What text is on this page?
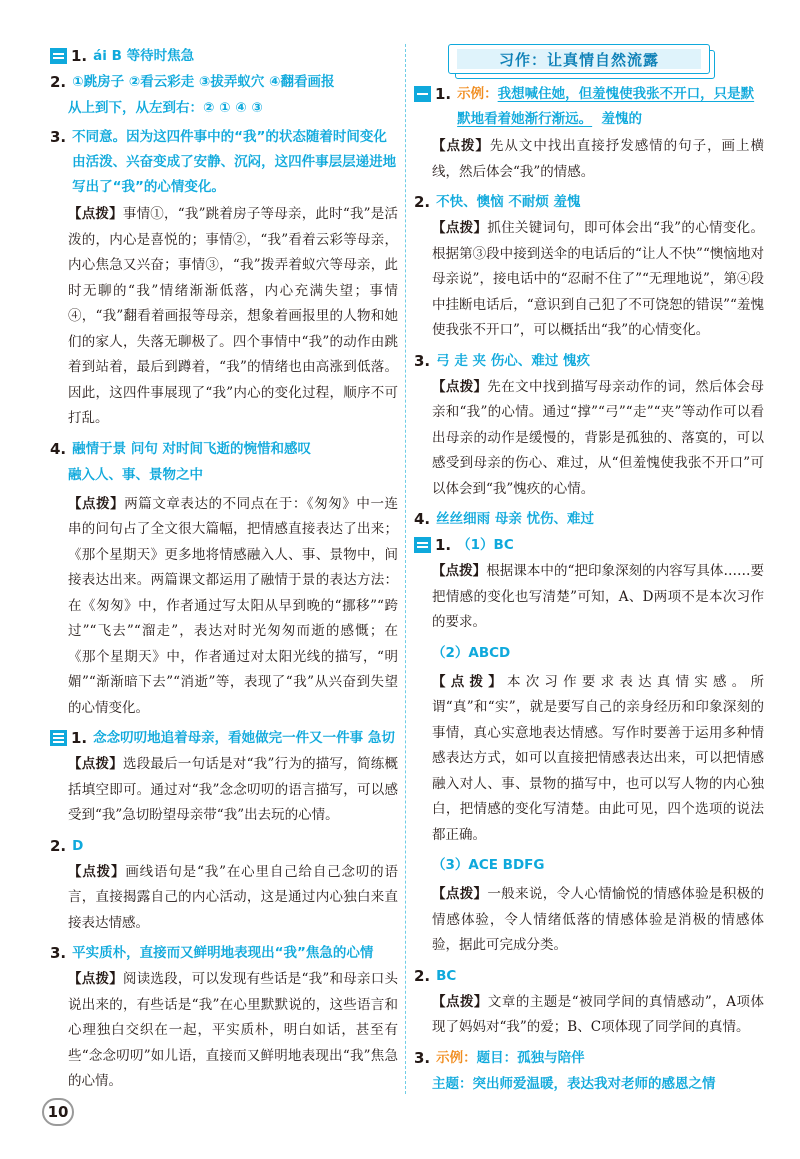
1. ái B 等待时焦急
2. ①跳房子 ②看云彩走 ③拔弄蚁穴 ④翻看画报
从上到下，从左到右：② ① ④ ③
3. 不同意。因为这四件事中的“我”的状态随着时间变化由活泼、兴奋变成了安静、沉闷，这四件事层层递进地写出了“我”的心情变化。
【点拨】事情①，“我”跳着房子等母亲，此时“我”是活泼的，内心是喜悦的；事情②，“我”看着云彩等母亲，内心焦急又兴奋；事情③，“我”拨弄着蚁穴等母亲，此时无聊的“我”情绪渐渐低落，内心充满失望；事情④，“我”翻看着画报等母亲，想象着画报里的人物和她们的家人，失落无聊极了。四个事情中“我”的动作由跳着到站着，最后到蹲着，“我”的情绪也由高涨到低落。因此，这四件事展现了“我”内心的变化过程，顺序不可打乱。
4. 融情于景 问句 对时间飞逝的惋惜和感叹
融入人、事、景物之中
【点拨】两篇文章表达的不同点在于：《匆匆》中一连串的问句占了全文很大篇幅，把情感直接表达了出来；《那个星期天》更多地将情感融入人、事、景物中，间接表达出来。两篇课文都运用了融情于景的表达方法：在《匆匆》中，作者通过写太阳从早到晚的“挪移”“跨过”“飞去”“溜走”，表达对时光匆匆而逝的感慨；在《那个星期天》中，作者通过对太阳光线的描写，“明媚”“渐渐暗下去”“消逝”等，表现了“我”从兴奋到失望的心情变化。
1. 念念叨叨地追着母亲，看她做完一件又一件事 急切
【点拨】选段最后一句话是对“我”行为的描写，简练概括填空即可。通过对“我”念念叨叨的语言描写，可以感受到“我”急切盼望母亲带“我”出去玩的心情。
2. D
【点拨】画线语句是“我”在心里自己给自己念叨的语言，直接揭露自己的内心活动，这是通过内心独白来直接表达情感。
3. 平实质朴，直接而又鲜明地表现出“我”焦急的心情
【点拨】阅读选段，可以发现有些话是“我”和母亲口头说出来的，有些话是“我”在心里默默说的，这些语言和心理独白交织在一起，平实质朴，明白如话，甚至有些“念念叨叨”如儿语，直接而又鲜明地表现出“我”焦急的心情。
习作：让真情自然流露
1. 示例：我想喊住她，但羞愧使我张不开口，只是默默地看着她渐行渐远。 羞愧的
【点拨】先从文中找出直接抒发感情的句子，画上横线，然后体会“我”的情感。
2. 不快、懊恼 不耐烦 羞愧
【点拨】抓住关键词句，即可体会出“我”的心情变化。根据第③段中接到送伞的电话后的“让人不快”“懊恼地对母亲说”，接电话中的“忍耐不住了”“无理地说”，第④段中挂断电话后，“意识到自己犯了不可饶恕的错误”“羞愧使我张不开口”，可以概括出“我”的心情变化。
3. 弓 走 夹 伤心、难过 愧疚
【点拨】先在文中找到描写母亲动作的词，然后体会母亲和“我”的心情。通过“撑”“弓”“走”“夹”等动作可以看出母亲的动作是缓慢的，背影是孤独的、落寞的，可以感受到母亲的伤心、难过，从“但羞愧使我张不开口”可以体会到“我”愧疚的心情。
4. 丝丝细雨 母亲 忧伤、难过
1. （1）BC
【点拨】根据课本中的“把印象深刻的内容写具体……要把情感的变化也写清楚”可知，A、D两项不是本次习作的要求。
（2）ABCD
【点拨】本次习作要求表达真情实感。所谓“真”和“实”，就是要写自己的亲身经历和印象深刻的事情，真心实意地表达情感。写作时要善于运用多种情感表达方式，如可以直接把情感表达出来，可以把情感融入对人、事、景物的描写中，也可以写人物的内心独白，把情感的变化写清楚。由此可见，四个选项的说法都正确。
（3）ACE BDFG
【点拨】一般来说，令人心情愉悦的情感体验是积极的情感体验，令人情绪低落的情感体验是消极的情感体验，据此可完成分类。
2. BC
【点拨】文章的主题是“被同学间的真情感动”，A项体现了妈妈对“我”的爱；B、C项体现了同学间的真情。
3. 示例：题目：孤独与陪伴
主题：突出师爱温暖，表达我对老师的感恩之情
10
